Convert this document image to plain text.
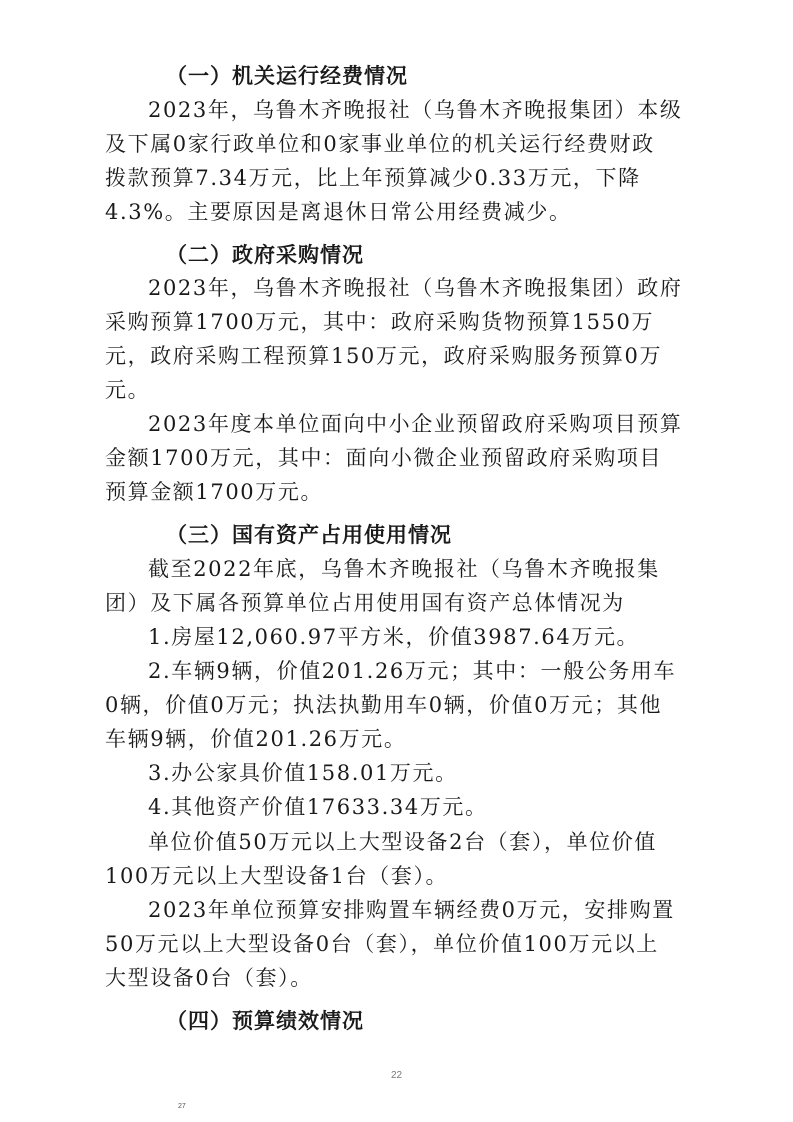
（一）机关运行经费情况
2023年，乌鲁木齐晚报社（乌鲁木齐晚报集团）本级
及下属0家行政单位和0家事业单位的机关运行经费财政
拨款预算7.34万元，比上年预算减少0.33万元，下降
4.3%。主要原因是离退休日常公用经费减少。
（二）政府采购情况
2023年，乌鲁木齐晚报社（乌鲁木齐晚报集团）政府
采购预算1700万元，其中：政府采购货物预算1550万
元，政府采购工程预算150万元，政府采购服务预算0万
元。
2023年度本单位面向中小企业预留政府采购项目预算
金额1700万元，其中：面向小微企业预留政府采购项目
预算金额1700万元。
（三）国有资产占用使用情况
截至2022年底，乌鲁木齐晚报社（乌鲁木齐晚报集
团）及下属各预算单位占用使用国有资产总体情况为
1.房屋12,060.97平方米，价值3987.64万元。
2.车辆9辆，价值201.26万元；其中：一般公务用车
0辆，价值0万元；执法执勤用车0辆，价值0万元；其他
车辆9辆，价值201.26万元。
3.办公家具价值158.01万元。
4.其他资产价值17633.34万元。
单位价值50万元以上大型设备2台（套），单位价值
100万元以上大型设备1台（套）。
2023年单位预算安排购置车辆经费0万元，安排购置
50万元以上大型设备0台（套），单位价值100万元以上
大型设备0台（套）。
（四）预算绩效情况
22
27
